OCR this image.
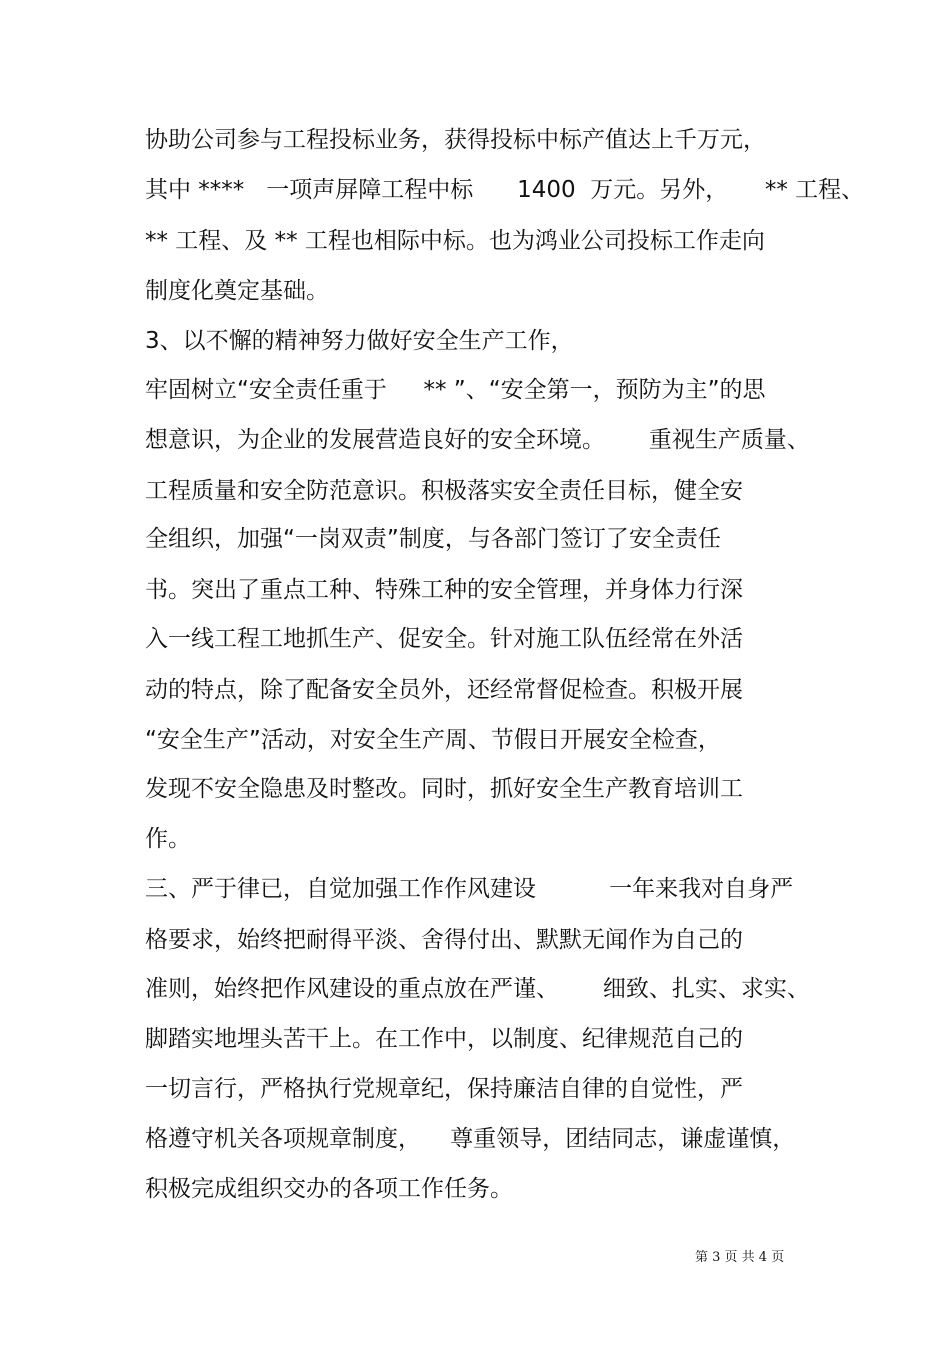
协助公司参与工程投标业务，获得投标中标产值达上千万元，
其中 ****   一项声屏障工程中标      1400  万元。另外，     ** 工程、
** 工程、及 ** 工程也相际中标。也为鸿业公司投标工作走向
制度化奠定基础。
3、以不懈的精神努力做好安全生产工作，
牢固树立“安全责任重于     ** ”、“安全第一，预防为主”的思
想意识，为企业的发展营造良好的安全环境。      重视生产质量、
工程质量和安全防范意识。积极落实安全责任目标，健全安
全组织，加强“一岗双责”制度，与各部门签订了安全责任
书。突出了重点工种、特殊工种的安全管理，并身体力行深
入一线工程工地抓生产、促安全。针对施工队伍经常在外活
动的特点，除了配备安全员外，还经常督促检查。积极开展
“安全生产”活动，对安全生产周、节假日开展安全检查，
发现不安全隐患及时整改。同时，抓好安全生产教育培训工
作。
三、严于律已，自觉加强工作作风建设          一年来我对自身严
格要求，始终把耐得平淡、舍得付出、默默无闻作为自己的
准则，始终把作风建设的重点放在严谨、      细致、扎实、求实、
脚踏实地埋头苦干上。在工作中，以制度、纪律规范自己的
一切言行，严格执行党规章纪，保持廉洁自律的自觉性，严
格遵守机关各项规章制度，    尊重领导，团结同志，谦虚谨慎，
积极完成组织交办的各项工作任务。
第 3 页 共 4 页
